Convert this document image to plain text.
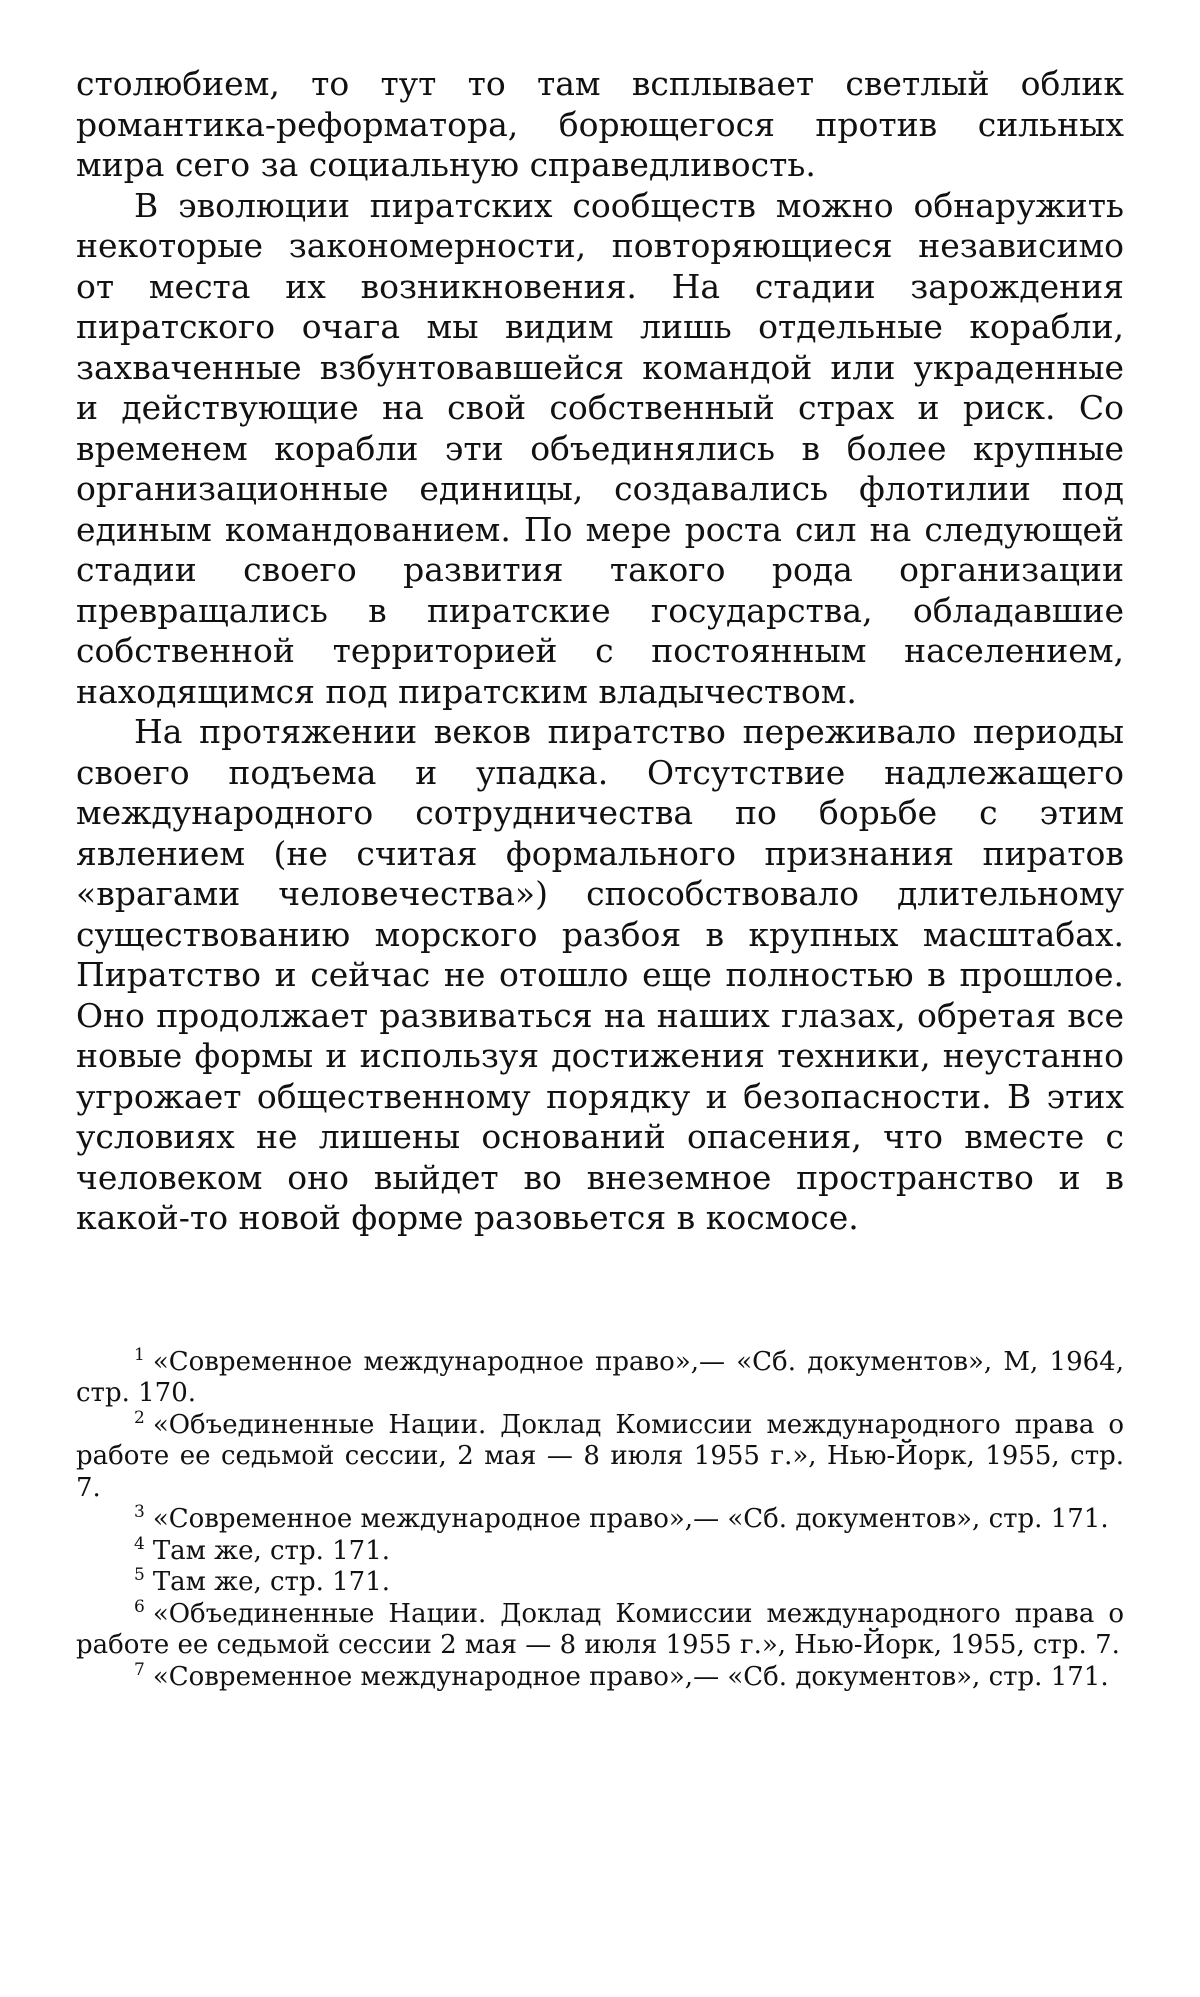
столюбием, то тут то там всплывает светлый облик романтика-реформатора, борющегося против сильных мира сего за социальную справедливость.

В эволюции пиратских сообществ можно обнаружить некоторые закономерности, повторяющиеся независимо от места их возникновения. На стадии зарождения пиратского очага мы видим лишь отдельные корабли, захваченные взбунтовавшейся командой или украденные и действующие на свой собственный страх и риск. Со временем корабли эти объединялись в более крупные организационные единицы, создавались флотилии под единым командованием. По мере роста сил на следующей стадии своего развития такого рода организации превращались в пиратские государства, обладавшие собственной территорией с постоянным населением, находящимся под пиратским владычеством.

На протяжении веков пиратство переживало периоды своего подъема и упадка. Отсутствие надлежащего международного сотрудничества по борьбе с этим явлением (не считая формального признания пиратов «врагами человечества») способствовало длительному существованию морского разбоя в крупных масштабах. Пиратство и сейчас не отошло еще полностью в прошлое. Оно продолжает развиваться на наших глазах, обретая все новые формы и используя достижения техники, неустанно угрожает общественному порядку и безопасности. В этих условиях не лишены оснований опасения, что вместе с человеком оно выйдет во внеземное пространство и в какой-то новой форме разовьется в космосе.

$^1$ «Современное международное право»,— «Сб. документов», М, 1964, стр. 170.

$^2$ «Объединенные Нации. Доклад Комиссии международного права о работе ее седьмой сессии, 2 мая — 8 июля 1955 г.», Нью-Йорк, 1955, стр. 7.

$^3$ «Современное международное право»,— «Сб. документов», стр. 171.

$^4$ Там же, стр. 171.

$^5$ Там же, стр. 171.

$^6$ «Объединенные Нации. Доклад Комиссии международного права о работе ее седьмой сессии 2 мая — 8 июля 1955 г.», Нью-Йорк, 1955, стр. 7.

$^7$ «Современное международное право»,— «Сб. документов», стр. 171.
